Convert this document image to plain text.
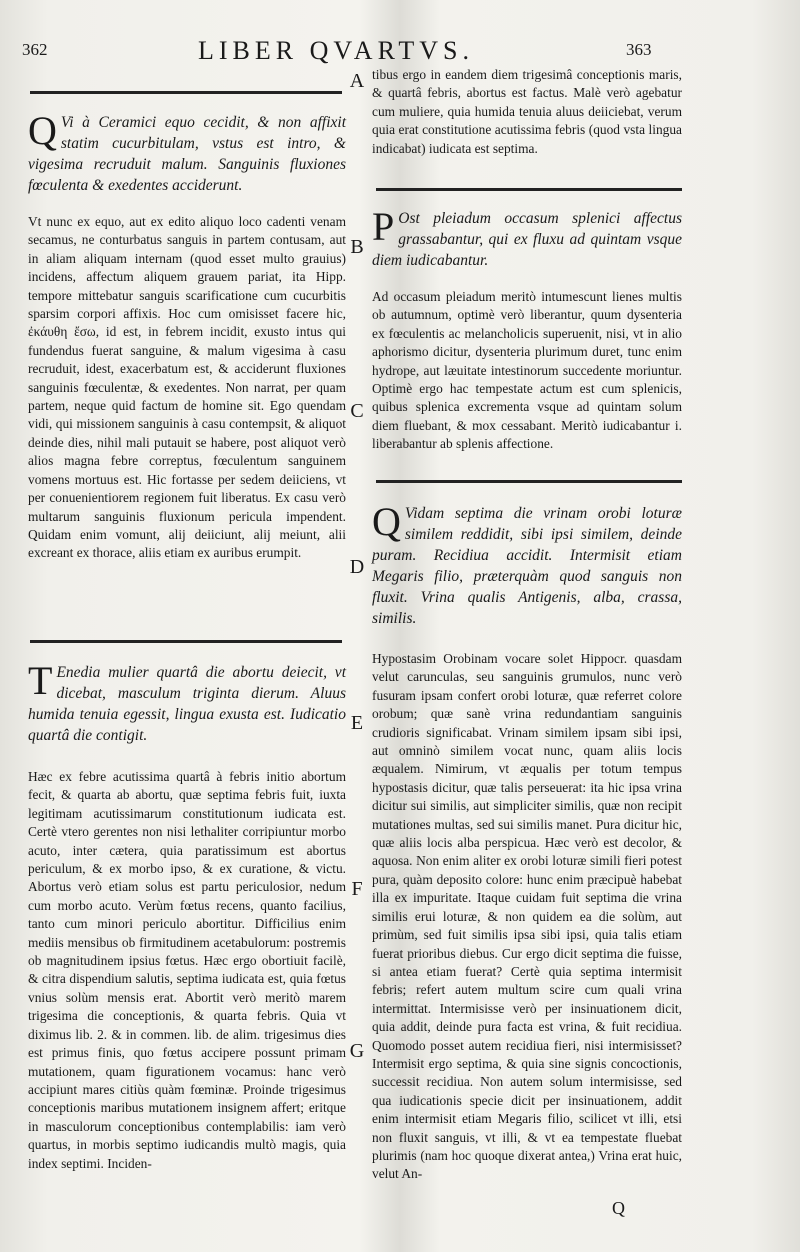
362	LIBER QVARTVS.	363

Q Vi à Ceramici equo cecidit, & non affixit statim cucurbitulam, vstus est intro, & vigesima recruduit malum. Sanguinis fluxiones fœculenta & exedentes acciderunt.

Vt nunc ex equo, aut ex edito aliquo loco cadenti venam secamus, ne conturbatus sanguis in partem contusam, aut in aliam aliquam internam (quod esset multo grauius) incidens, affectum aliquem grauem pariat, ita Hipp. tempore mittebatur sanguis scarificatione cum cucurbitis sparsim corpori affixis. Hoc cum omisisset facere hic, ἐκάυθη ἔσω, id est, in febrem incidit, exusto intus qui fundendus fuerat sanguine, & malum vigesima à casu recruduit, idest, exacerbatum est, & acciderunt fluxiones sanguinis fœculentæ, & exedentes. Non narrat, per quam partem, neque quid factum de homine sit. Ego quendam vidi, qui missionem sanguinis à casu contempsit, & aliquot deinde dies, nihil mali putauit se habere, post aliquot verò alios magna febre correptus, fœculentum sanguinem vomens mortuus est. Hic fortasse per sedem deiiciens, vt per conuenientiorem regionem fuit liberatus. Ex casu verò multarum sanguinis fluxionum pericula impendent. Quidam enim vomunt, alij deiiciunt, alij meiunt, alii excreant ex thorace, aliis etiam ex auribus erumpit.

T Enedia mulier quartâ die abortu deiecit, vt dicebat, masculum triginta dierum. Aluus humida tenuia egessit, lingua exusta est. Iudicatio quartâ die contigit.

Hæc ex febre acutissima quartâ à febris initio abortum fecit, & quarta ab abortu, quæ septima febris fuit, iuxta legitimam acutissimarum constitutionum iudicata est. Certè vtero gerentes non nisi lethaliter corripiuntur morbo acuto, inter cætera, quia paratissimum est abortus periculum, & ex morbo ipso, & ex curatione, & victu. Abortus verò etiam solus est partu periculosior, nedum cum morbo acuto. Verùm fœtus recens, quanto facilius, tanto cum minori periculo abortitur. Difficilius enim mediis mensibus ob firmitudinem acetabulorum: postremis ob magnitudinem ipsius fœtus. Hæc ergo obortiuit facilè, & citra dispendium salutis, septima iudicata est, quia fœtus vnius solùm mensis erat. Abortit verò meritò marem trigesima die conceptionis, & quarta febris. Quia vt diximus lib. 2. & in commen. lib. de alim. trigesimus dies est primus finis, quo fœtus accipere possunt primam mutationem, quam figurationem vocamus: hanc verò accipiunt mares citiùs quàm fœminæ. Proinde trigesimus conceptionis maribus mutationem insignem affert; eritque in masculorum conceptionibus contemplabilis: iam verò quartus, in morbis septimo iudicandis multò magis, quia index septimi. Inciden-

A
B
C
D
E
F
G

tibus ergo in eandem diem trigesimâ conceptionis maris, & quartâ febris, abortus est factus. Malè verò agebatur cum muliere, quia humida tenuia aluus deiiciebat, verum quia erat constitutione acutissima febris (quod vsta lingua indicabat) iudicata est septima.

P Ost pleiadum occasum splenici affectus grassabantur, qui ex fluxu ad quintam vsque diem iudicabantur.

Ad occasum pleiadum meritò intumescunt lienes multis ob autumnum, optimè verò liberantur, quum dysenteria ex fœculentis ac melancholicis superuenit, nisi, vt in alio aphorismo dicitur, dysenteria plurimum duret, tunc enim hydrope, aut læuitate intestinorum succedente moriuntur. Optimè ergo hac tempestate actum est cum splenicis, quibus splenica excrementa vsque ad quintam solum diem fluebant, & mox cessabant. Meritò iudicabantur i. liberabantur ab splenis affectione.

Q Vidam septima die vrinam orobi loturæ similem reddidit, sibi ipsi similem, deinde puram. Recidiua accidit. Intermisit etiam Megaris filio, præterquàm quod sanguis non fluxit. Vrina qualis Antigenis, alba, crassa, similis.

Hypostasim Orobinam vocare solet Hippocr. quasdam velut carunculas, seu sanguinis grumulos, nunc verò fusuram ipsam confert orobi loturæ, quæ referret colore orobum; quæ sanè vrina redundantiam sanguinis crudioris significabat. Vrinam similem ipsam sibi ipsi, aut omninò similem vocat nunc, quam aliis locis æqualem. Nimirum, vt æqualis per totum tempus hypostasis dicitur, quæ talis perseuerat: ita hic ipsa vrina dicitur sui similis, aut simpliciter similis, quæ non recipit mutationes multas, sed sui similis manet. Pura dicitur hic, quæ aliis locis alba perspicua. Hæc verò est decolor, & aquosa. Non enim aliter ex orobi loturæ simili fieri potest pura, quàm deposito colore: hunc enim præcipuè habebat illa ex impuritate. Itaque cuidam fuit septima die vrina similis erui loturæ, & non quidem ea die solùm, aut primùm, sed fuit similis ipsa sibi ipsi, quia talis etiam fuerat prioribus diebus. Cur ergo dicit septima die fuisse, si antea etiam fuerat? Certè quia septima intermisit febris; refert autem multum scire cum quali vrina intermittat. Intermisisse verò per insinuationem dicit, quia addit, deinde pura facta est vrina, & fuit recidiua. Quomodo posset autem recidiua fieri, nisi intermisisset? Intermisit ergo septima, & quia sine signis concoctionis, successit recidiua. Non autem solum intermisisse, sed qua iudicationis specie dicit per insinuationem, addit enim intermisit etiam Megaris filio, scilicet vt illi, etsi non fluxit sanguis, vt illi, & vt ea tempestate fluebat plurimis (nam hoc quoque dixerat antea,) Vrina erat huic, velut An-

Q
